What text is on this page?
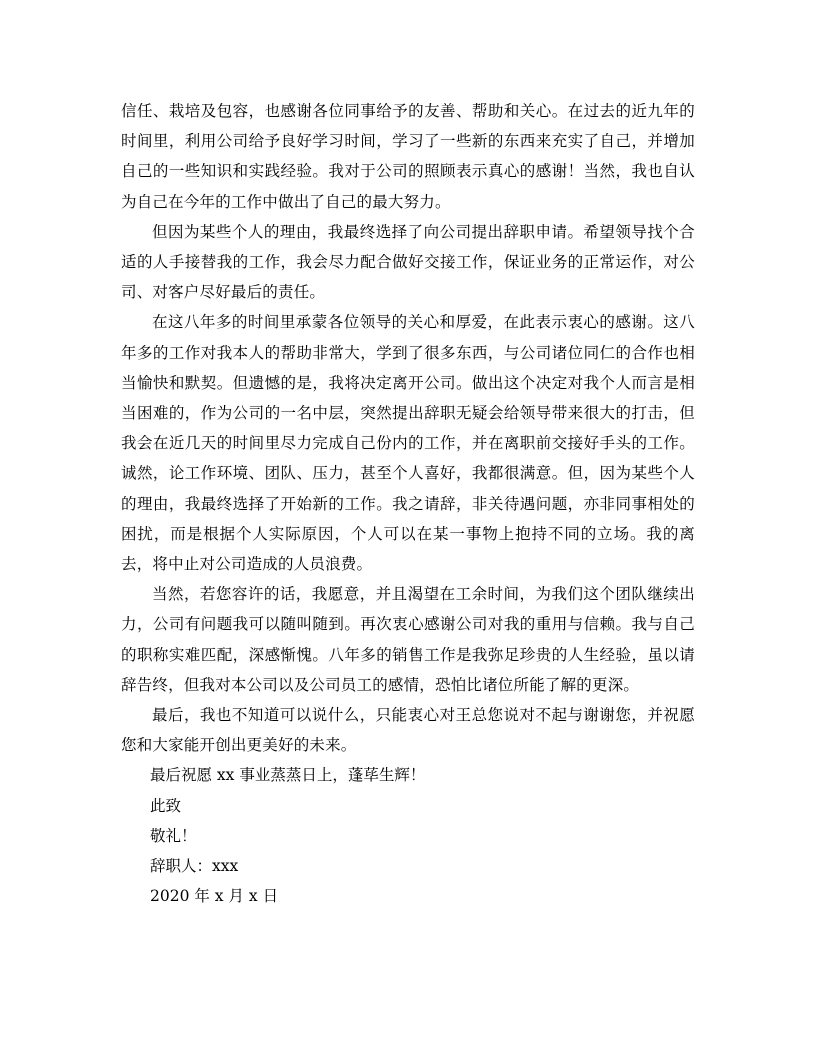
信任、栽培及包容，也感谢各位同事给予的友善、帮助和关心。在过去的近九年的时间里，利用公司给予良好学习时间，学习了一些新的东西来充实了自己，并增加自己的一些知识和实践经验。我对于公司的照顾表示真心的感谢！当然，我也自认为自己在今年的工作中做出了自己的最大努力。

但因为某些个人的理由，我最终选择了向公司提出辞职申请。希望领导找个合适的人手接替我的工作，我会尽力配合做好交接工作，保证业务的正常运作，对公司、对客户尽好最后的责任。

在这八年多的时间里承蒙各位领导的关心和厚爱，在此表示衷心的感谢。这八年多的工作对我本人的帮助非常大，学到了很多东西，与公司诸位同仁的合作也相当愉快和默契。但遗憾的是，我将决定离开公司。做出这个决定对我个人而言是相当困难的，作为公司的一名中层，突然提出辞职无疑会给领导带来很大的打击，但我会在近几天的时间里尽力完成自己份内的工作，并在离职前交接好手头的工作。诚然，论工作环境、团队、压力，甚至个人喜好，我都很满意。但，因为某些个人的理由，我最终选择了开始新的工作。我之请辞，非关待遇问题，亦非同事相处的困扰，而是根据个人实际原因，个人可以在某一事物上抱持不同的立场。我的离去，将中止对公司造成的人员浪费。

当然，若您容许的话，我愿意，并且渴望在工余时间，为我们这个团队继续出力，公司有问题我可以随叫随到。再次衷心感谢公司对我的重用与信赖。我与自己的职称实难匹配，深感惭愧。八年多的销售工作是我弥足珍贵的人生经验，虽以请辞告终，但我对本公司以及公司员工的感情，恐怕比诸位所能了解的更深。

最后，我也不知道可以说什么，只能衷心对王总您说对不起与谢谢您，并祝愿您和大家能开创出更美好的未来。

最后祝愿 xx 事业蒸蒸日上，蓬荜生辉！

此致

敬礼！

辞职人：xxx

2020 年 x 月 x 日
